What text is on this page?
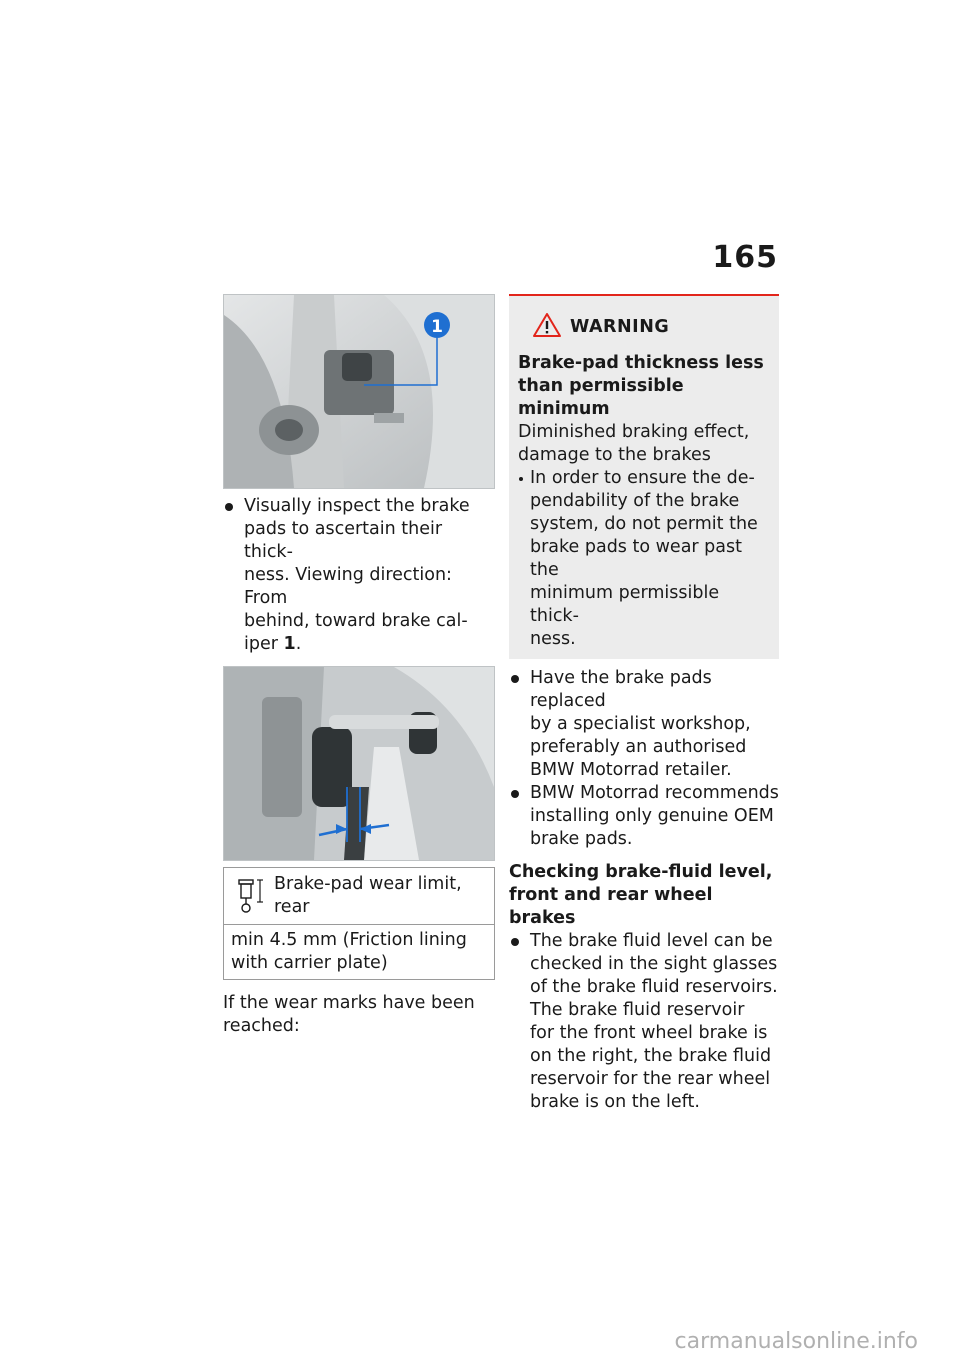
165
1
Visually inspect the brake
pads to ascertain their thick-
ness. Viewing direction: From
behind, toward brake cal-
iper 1.
Brake-pad wear limit,
rear
min 4.5 mm (Friction lining
with carrier plate)
If the wear marks have been
reached:
WARNING
Brake-pad thickness less
than permissible minimum
Diminished braking effect,
damage to the brakes
In order to ensure the de-
pendability of the brake
system, do not permit the
brake pads to wear past the
minimum permissible thick-
ness.
Have the brake pads replaced
by a specialist workshop,
preferably an authorised
BMW Motorrad retailer.
BMW Motorrad recommends
installing only genuine OEM
brake pads.
Checking brake-fluid level,
front and rear wheel brakes
The brake fluid level can be
checked in the sight glasses
of the brake fluid reservoirs.
The brake fluid reservoir
for the front wheel brake is
on the right, the brake fluid
reservoir for the rear wheel
brake is on the left.
carmanualsonline.info
